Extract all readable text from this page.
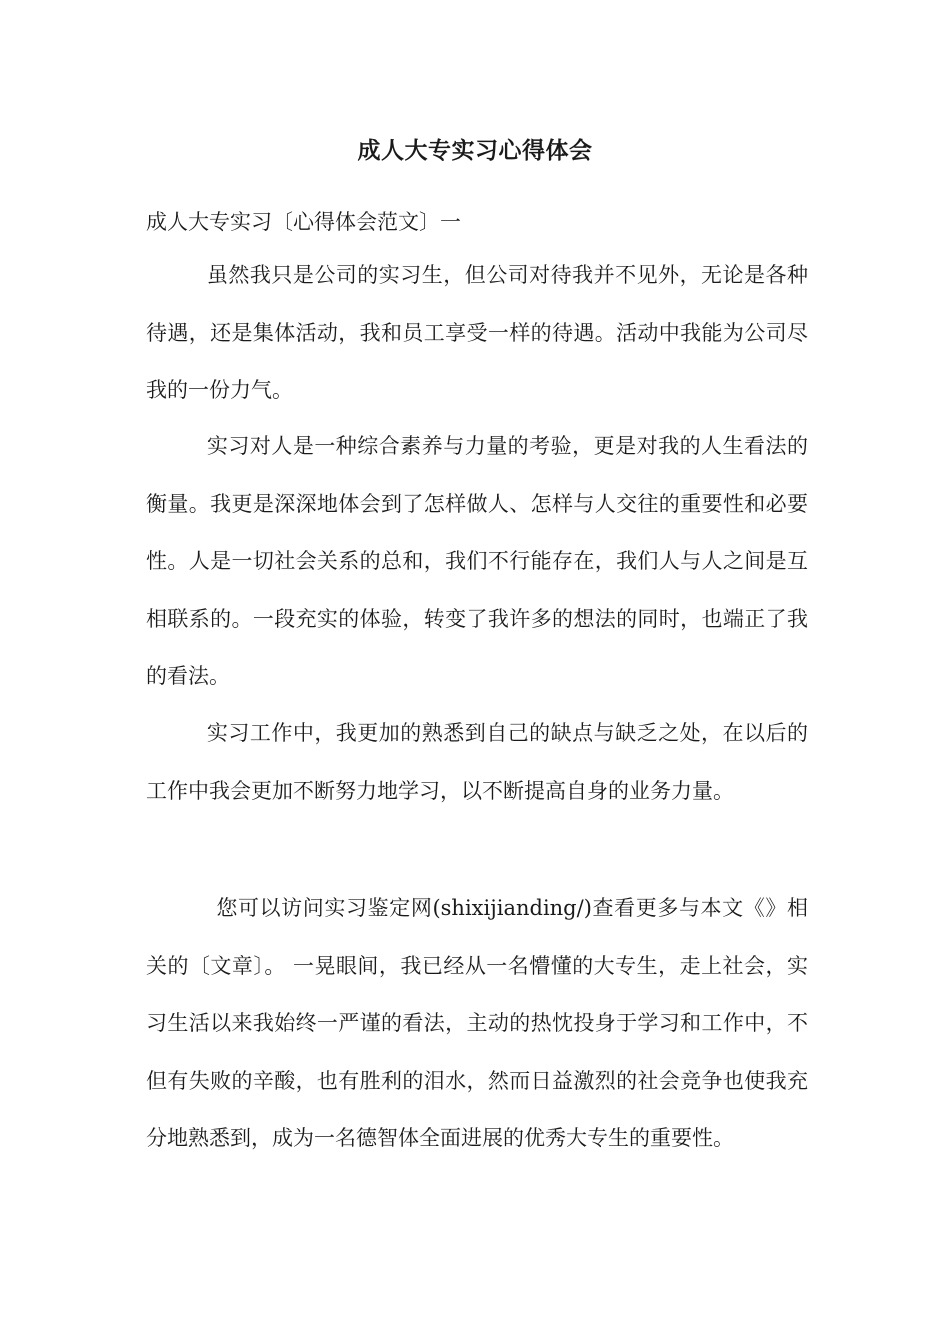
成人大专实习心得体会

成人大专实习〔心得体会范文〕一

虽然我只是公司的实习生，但公司对待我并不见外，无论是各种待遇，还是集体活动，我和员工享受一样的待遇。活动中我能为公司尽我的一份力气。

实习对人是一种综合素养与力量的考验，更是对我的人生看法的衡量。我更是深深地体会到了怎样做人、怎样与人交往的重要性和必要性。人是一切社会关系的总和，我们不行能存在，我们人与人之间是互相联系的。一段充实的体验，转变了我许多的想法的同时，也端正了我的看法。

实习工作中，我更加的熟悉到自己的缺点与缺乏之处，在以后的工作中我会更加不断努力地学习，以不断提高自身的业务力量。

您可以访问实习鉴定网(shixijianding/)查看更多与本文《》相关的〔文章〕。 一晃眼间，我已经从一名懵懂的大专生，走上社会，实习生活以来我始终一严谨的看法，主动的热忱投身于学习和工作中，不但有失败的辛酸，也有胜利的泪水，然而日益激烈的社会竞争也使我充分地熟悉到，成为一名德智体全面进展的优秀大专生的重要性。
